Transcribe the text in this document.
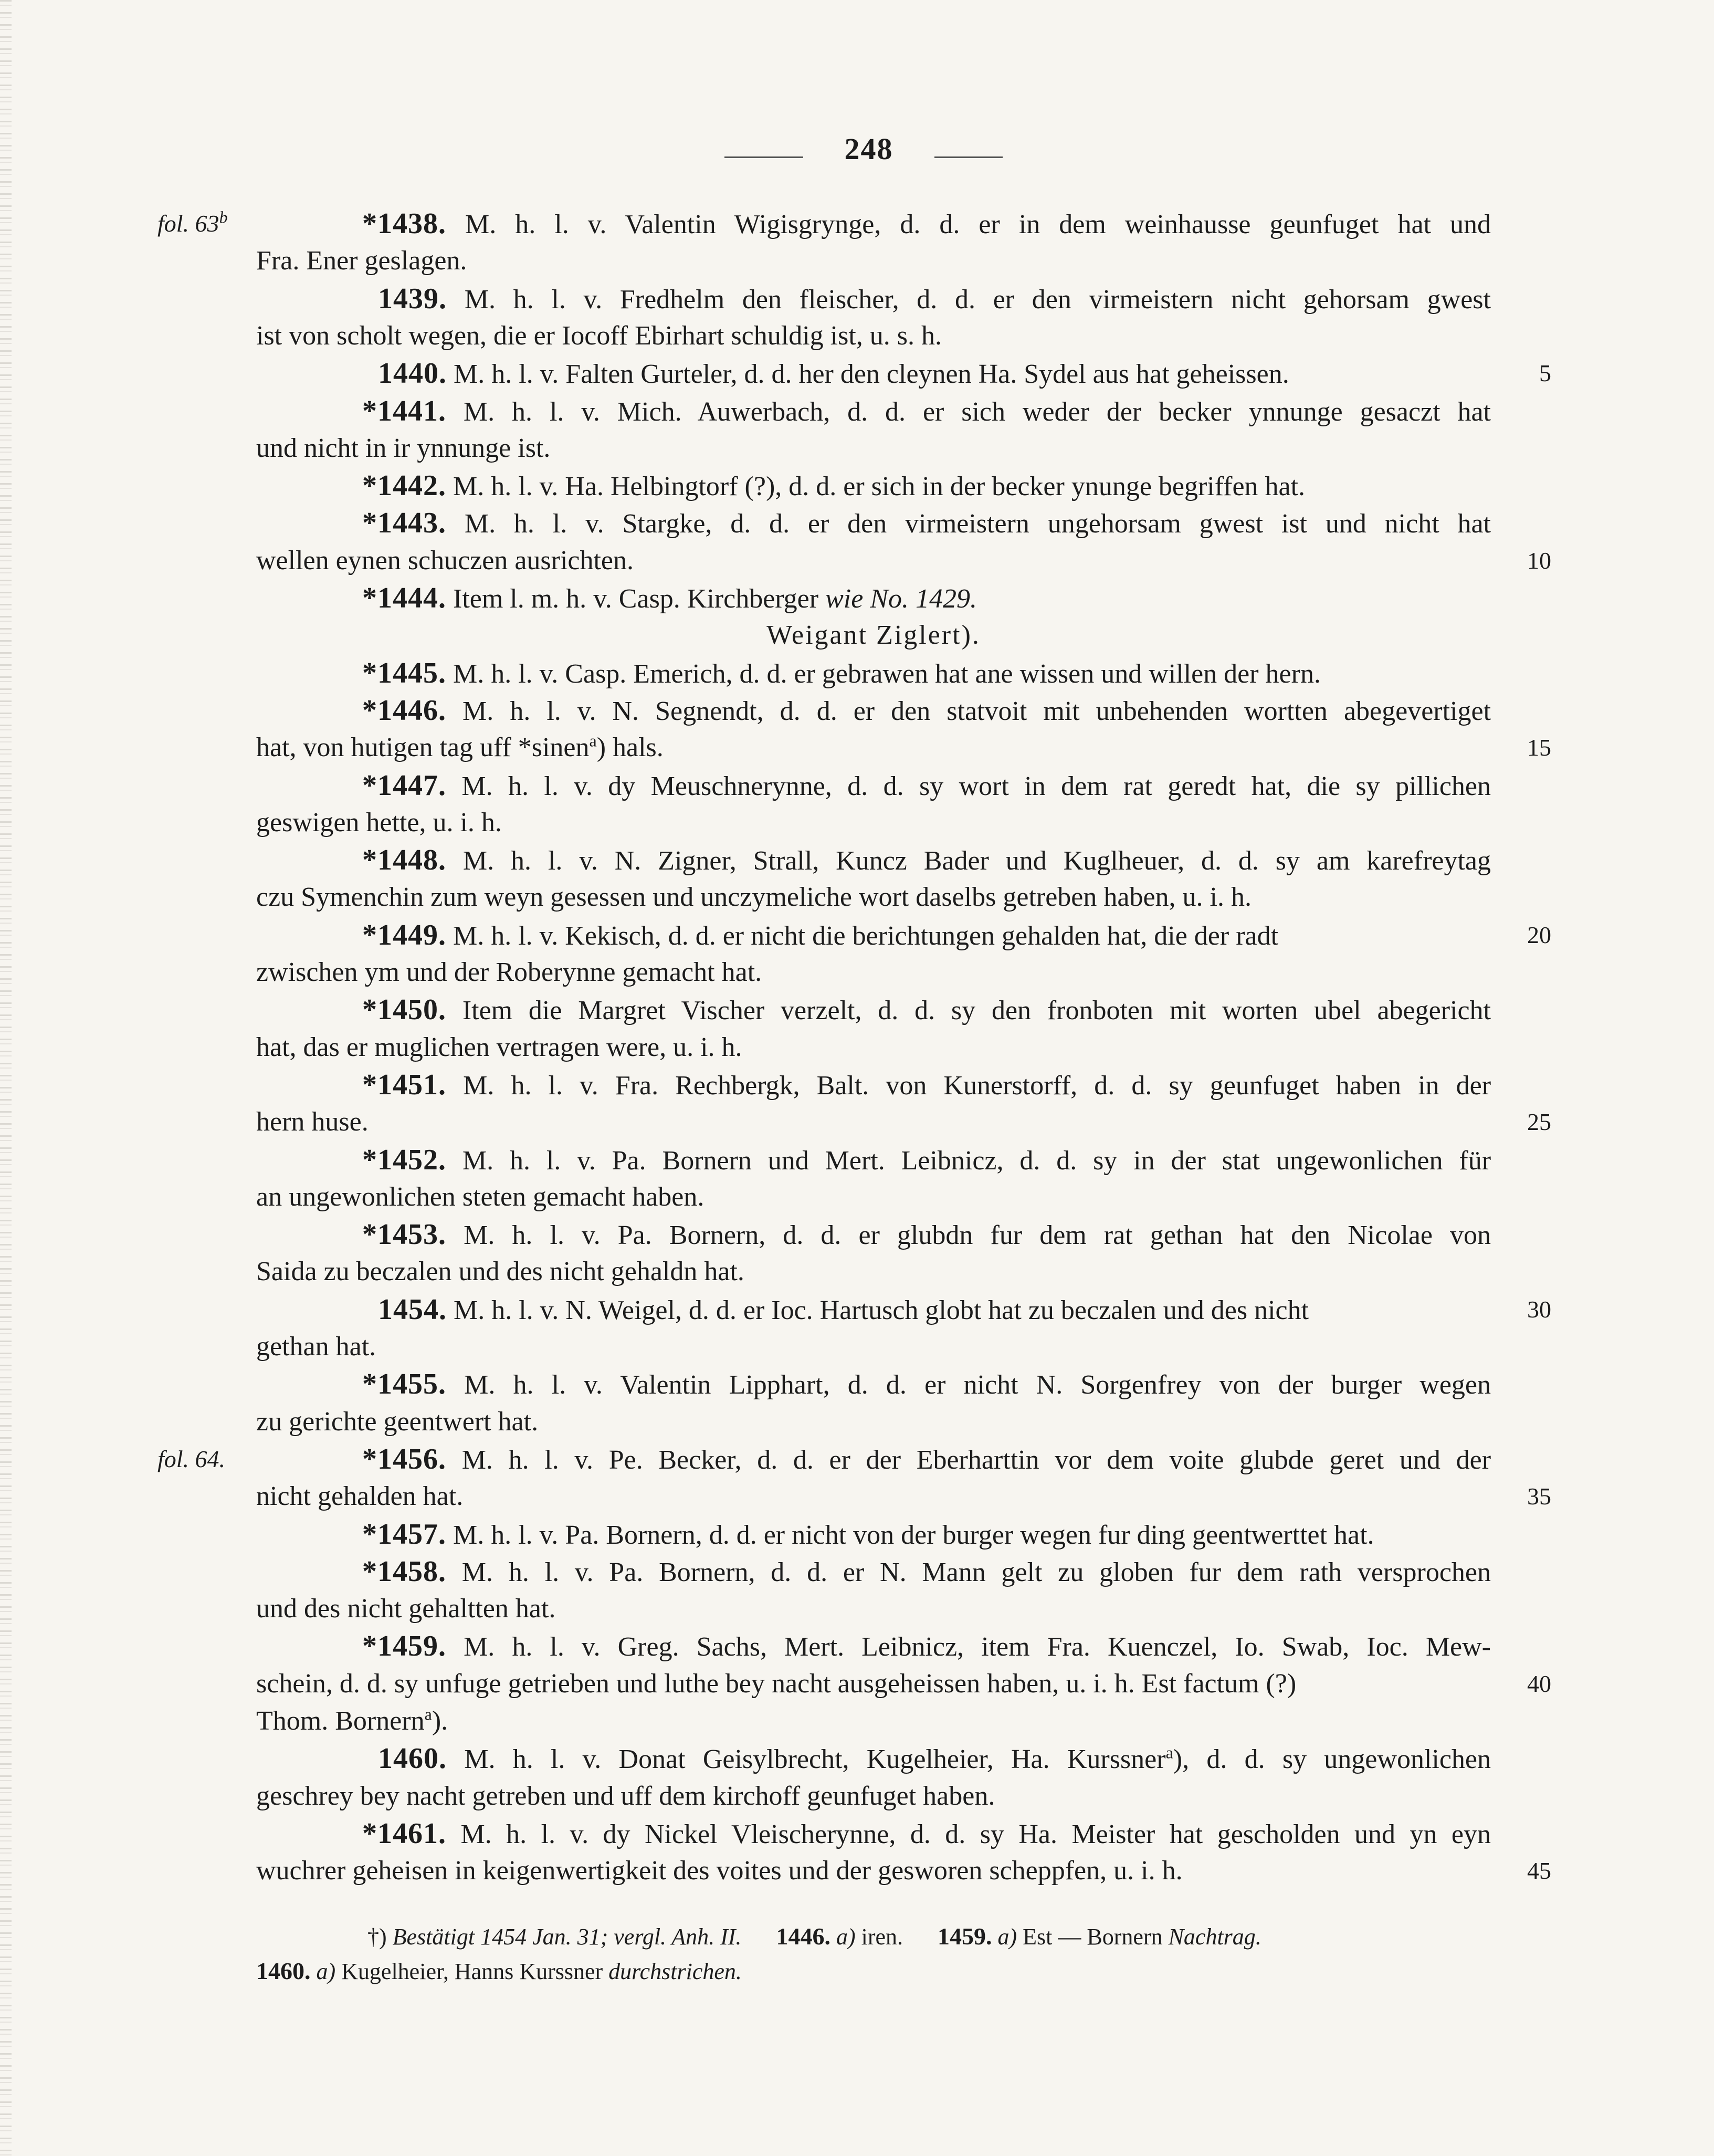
248
fol. 63$^b$	*1438. M. h. l. v. Valentin Wigisgrynge, d. d. er in dem weinhausse geunfuget hat und
Fra. Ener geslagen.
1439. M. h. l. v. Fredhelm den fleischer, d. d. er den virmeistern nicht gehorsam gwest
ist von scholt wegen, die er Iocoff Ebirhart schuldig ist, u. s. h.
1440. M. h. l. v. Falten Gurteler, d. d. her den cleynen Ha. Sydel aus hat geheissen.	5
*1441. M. h. l. v. Mich. Auwerbach, d. d. er sich weder der becker ynnunge gesaczt hat
und nicht in ir ynnunge ist.
*1442. M. h. l. v. Ha. Helbingtorf (?), d. d. er sich in der becker ynunge begriffen hat.
*1443. M. h. l. v. Stargke, d. d. er den virmeistern ungehorsam gwest ist und nicht hat
wellen eynen schuczen ausrichten.	10
*1444. Item l. m. h. v. Casp. Kirchberger wie No. 1429.
Weigant Ziglert).
*1445. M. h. l. v. Casp. Emerich, d. d. er gebrawen hat ane wissen und willen der hern.
*1446. M. h. l. v. N. Segnendt, d. d. er den statvoit mit unbehenden wortten abegevertiget
hat, von hutigen tag uff *sinen$^a$) hals.	15
*1447. M. h. l. v. dy Meuschnerynne, d. d. sy wort in dem rat geredt hat, die sy pillichen
geswigen hette, u. i. h.
*1448. M. h. l. v. N. Zigner, Strall, Kuncz Bader und Kuglheuer, d. d. sy am karefreytag
czu Symenchin zum weyn gesessen und unczymeliche wort daselbs getreben haben, u. i. h.
*1449. M. h. l. v. Kekisch, d. d. er nicht die berichtungen gehalden hat, die der radt	20
zwischen ym und der Roberynne gemacht hat.
*1450. Item die Margret Vischer verzelt, d. d. sy den fronboten mit worten ubel abegericht
hat, das er muglichen vertragen were, u. i. h.
*1451. M. h. l. v. Fra. Rechbergk, Balt. von Kunerstorff, d. d. sy geunfuget haben in der
hern huse.	25
*1452. M. h. l. v. Pa. Bornern und Mert. Leibnicz, d. d. sy in der stat ungewonlichen für
an ungewonlichen steten gemacht haben.
*1453. M. h. l. v. Pa. Bornern, d. d. er glubdn fur dem rat gethan hat den Nicolae von
Saida zu beczalen und des nicht gehaldn hat.
1454. M. h. l. v. N. Weigel, d. d. er Ioc. Hartusch globt hat zu beczalen und des nicht	30
gethan hat.
*1455. M. h. l. v. Valentin Lipphart, d. d. er nicht N. Sorgenfrey von der burger wegen
zu gerichte geentwert hat.
fol. 64.	*1456. M. h. l. v. Pe. Becker, d. d. er der Eberharttin vor dem voite glubde geret und der
nicht gehalden hat.	35
*1457. M. h. l. v. Pa. Bornern, d. d. er nicht von der burger wegen fur ding geentwerttet hat.
*1458. M. h. l. v. Pa. Bornern, d. d. er N. Mann gelt zu globen fur dem rath versprochen
und des nicht gehaltten hat.
*1459. M. h. l. v. Greg. Sachs, Mert. Leibnicz, item Fra. Kuenczel, Io. Swab, Ioc. Mew-
schein, d. d. sy unfuge getrieben und luthe bey nacht ausgeheissen haben, u. i. h. Est factum (?)	40
Thom. Bornern$^a$).
1460. M. h. l. v. Donat Geisylbrecht, Kugelheier, Ha. Kurssner$^a$), d. d. sy ungewonlichen
geschrey bey nacht getreben und uff dem kirchoff geunfuget haben.
*1461. M. h. l. v. dy Nickel Vleischerynne, d. d. sy Ha. Meister hat gescholden und yn eyn
wuchrer geheisen in keigenwertigkeit des voites und der gesworen scheppfen, u. i. h.	45
†) Bestätigt 1454 Jan. 31; vergl. Anh. II. 1446. a) iren. 1459. a) Est — Bornern Nachtrag.
1460. a) Kugelheier, Hanns Kurssner durchstrichen.
